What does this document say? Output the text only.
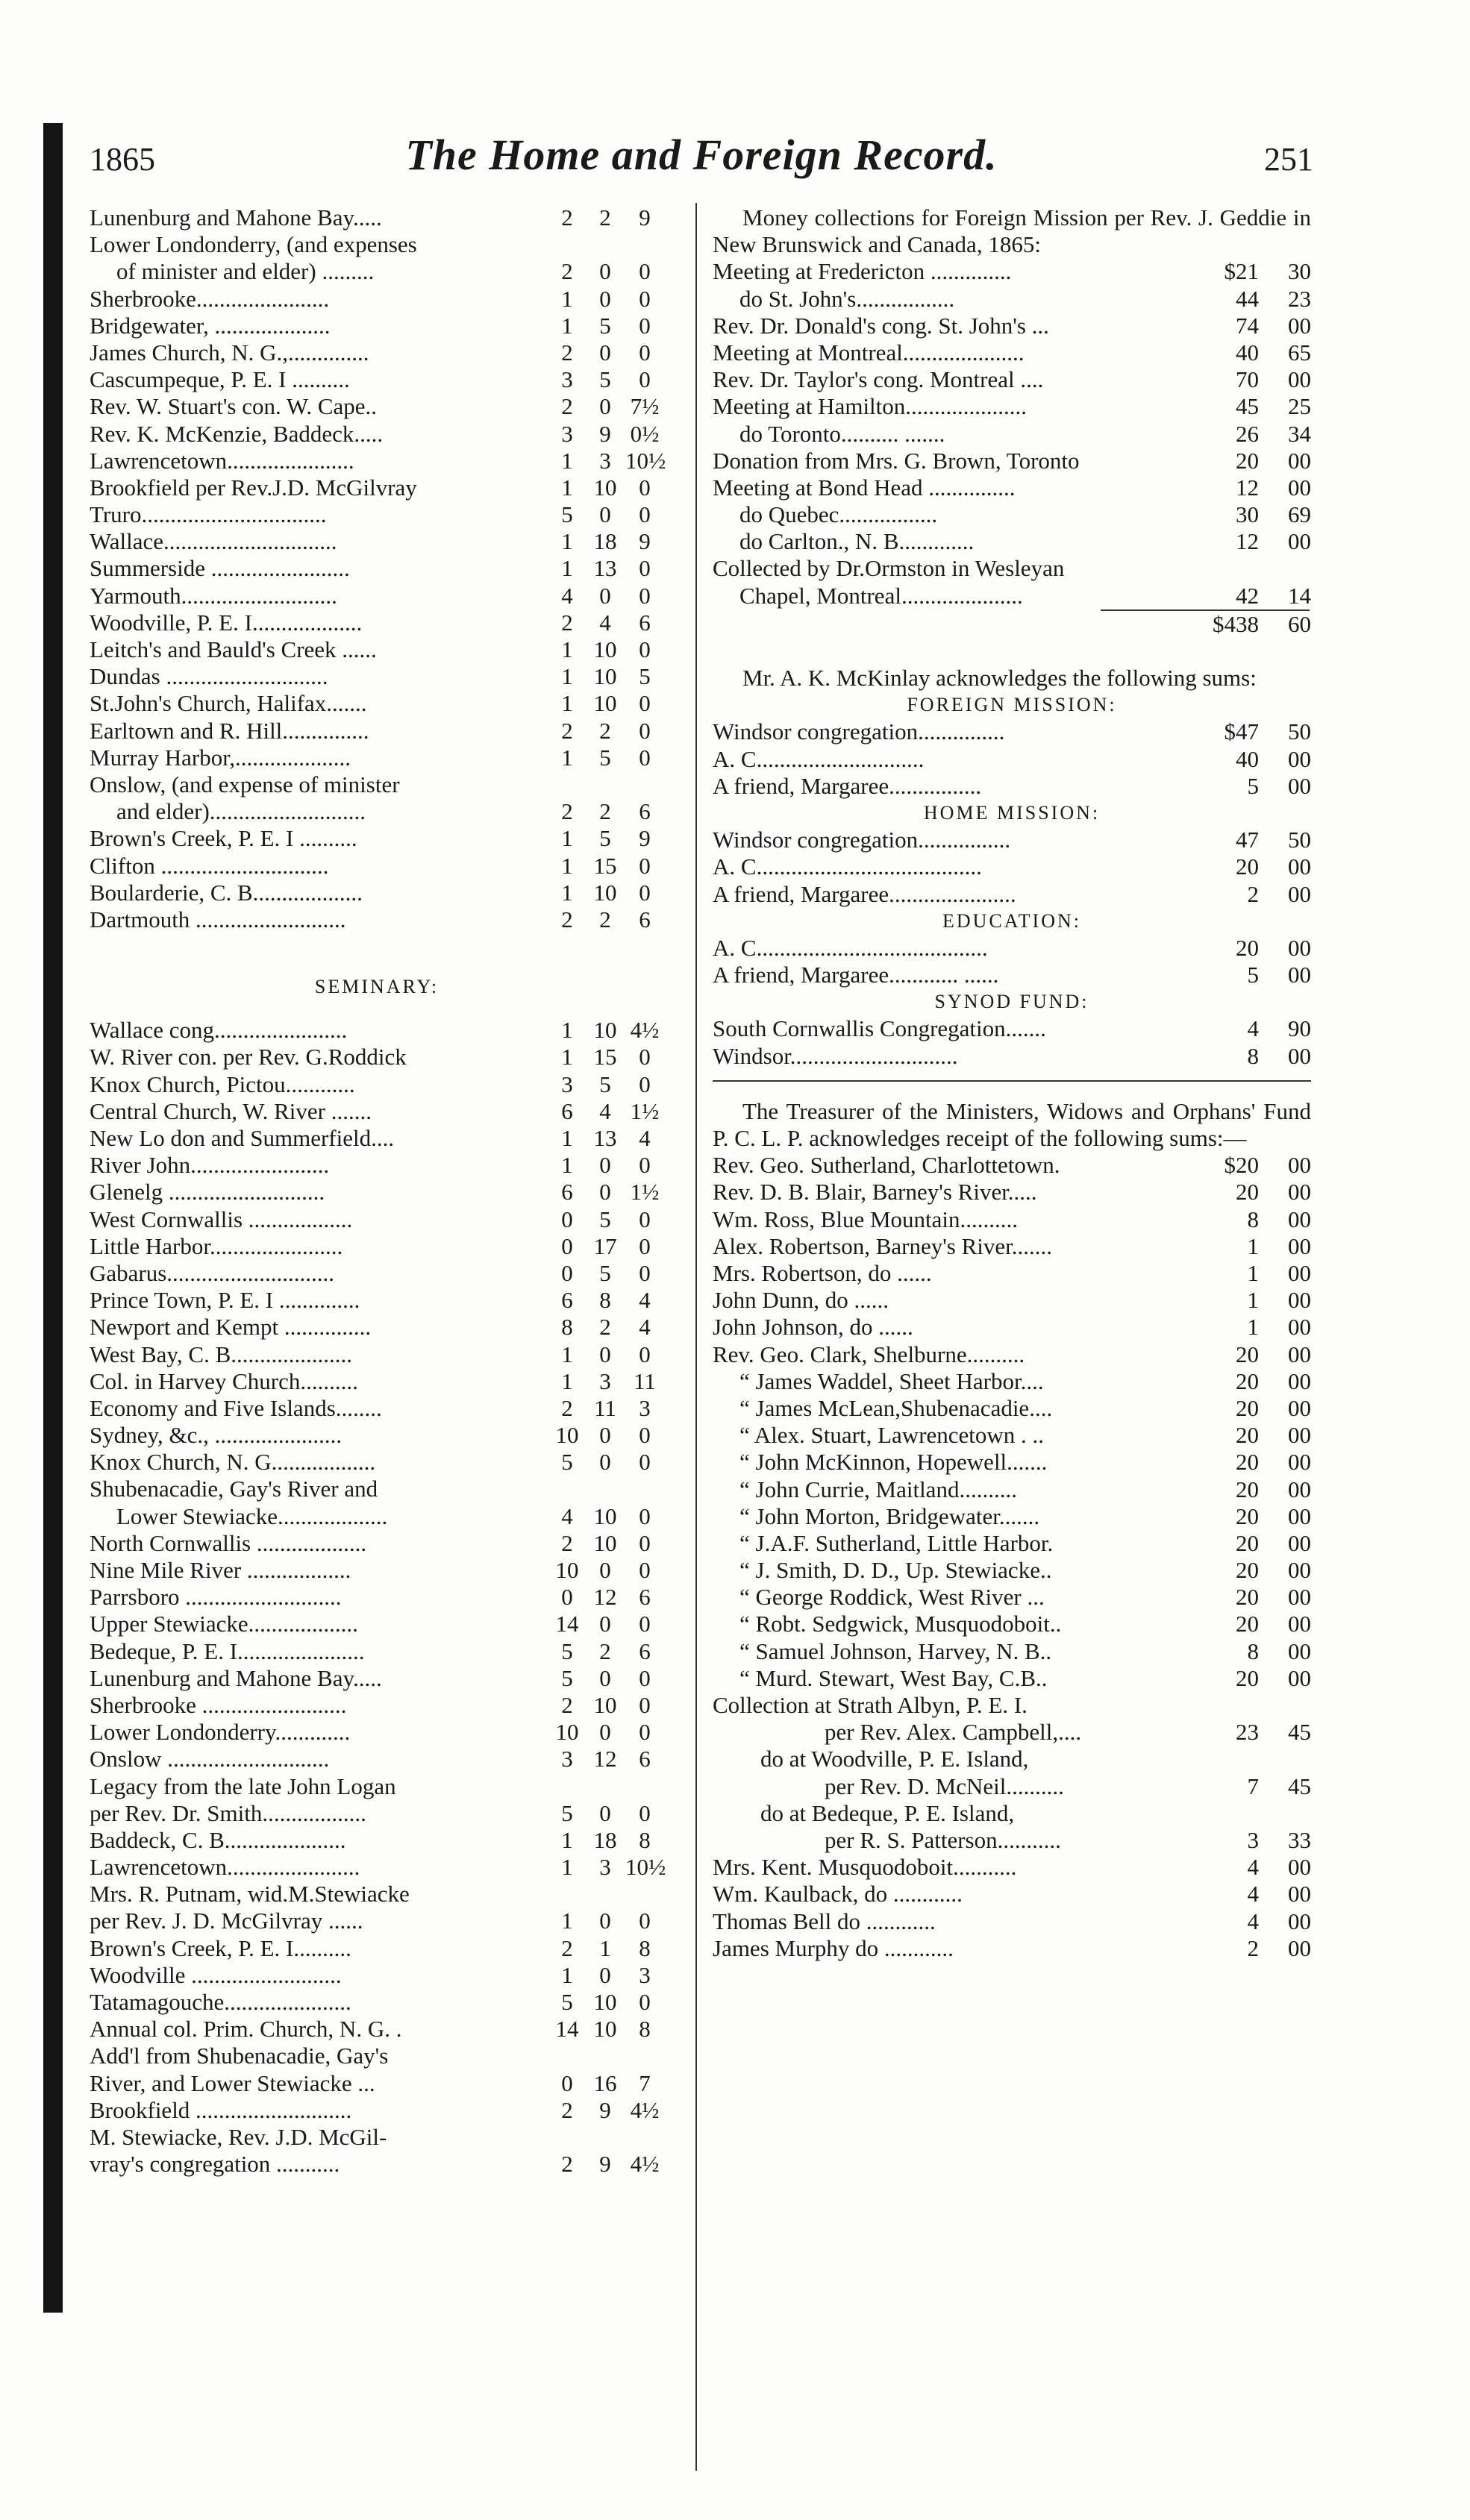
1865	The Home and Foreign Record.	251
Lunenburg and Mahone Bay.....	2	2	9
Lower Londonderry, (and expenses
of minister and elder) .........	2	0	0
Sherbrooke.......................	1	0	0
Bridgewater, ....................	1	5	0
James Church, N. G.,..............	2	0	0
Cascumpeque, P. E. I ..........	3	5	0
Rev. W. Stuart's con. W. Cape..	2	0 7½
Rev. K. McKenzie, Baddeck.....	3	9 0½
Lawrencetown......................	1	3 10½
Brookfield per Rev.J.D. McGilvray	1 10 0
Truro................................	5	0	0
Wallace..............................	1 18 9
Summerside ........................	1 13 0
Yarmouth...........................	4	0	0
Woodville, P. E. I...................	2	4	6
Leitch's and Bauld's Creek ......	1 10 0
Dundas ............................	1 10 5
St.John's Church, Halifax.......	1 10 0
Earltown and R. Hill...............	2	2	0
Murray Harbor,....................	1	5	0
Onslow, (and expense of minister
and elder)...........................	2	2	6
Brown's Creek, P. E. I ..........	1	5	9
Clifton .............................	1 15 0
Boularderie, C. B...................	1 10 0
Dartmouth ..........................	2	2	6
SEMINARY:
Wallace cong.......................	1 10 4½
W. River con. per Rev. G.Roddick	1 15 0
Knox Church, Pictou............	3	5	0
Central Church, W. River .......	6	4 1½
New Lo don and Summerfield....	1 13 4
River John........................	1	0	0
Glenelg ...........................	6	0 1½
West Cornwallis ..................	0	5	0
Little Harbor.......................	0 17 0
Gabarus.............................	0	5	0
Prince Town, P. E. I ..............	6	8	4
Newport and Kempt ...............	8	2	4
West Bay, C. B.....................	1	0	0
Col. in Harvey Church..........	1	3 11
Economy and Five Islands........	2 11 3
Sydney, &c., ......................	10 0	0
Knox Church, N. G..................	5	0	0
Shubenacadie, Gay's River and
Lower Stewiacke...................	4 10 0
North Cornwallis ...................	2 10 0
Nine Mile River ..................	10 0	0
Parrsboro ...........................	0 12 6
Upper Stewiacke...................	14 0	0
Bedeque, P. E. I......................	5	2	6
Lunenburg and Mahone Bay.....	5	0	0
Sherbrooke .........................	2 10 0
Lower Londonderry.............	10 0	0
Onslow ............................	3 12 6
Legacy from the late John Logan
per Rev. Dr. Smith..................	5	0	0
Baddeck, C. B.....................	1 18 8
Lawrencetown.......................	1	3 10½
Mrs. R. Putnam, wid.M.Stewiacke
per Rev. J. D. McGilvray ......	1	0	0
Brown's Creek, P. E. I..........	2	1	8
Woodville ..........................	1	0	3
Tatamagouche......................	5 10 0
Annual col. Prim. Church, N. G. .	14 10 8
Add'l from Shubenacadie, Gay's
River, and Lower Stewiacke ...	0 16 7
Brookfield ...........................	2	9 4½
M. Stewiacke, Rev. J.D. McGil-
vray's congregation ...........	2	9 4½
Money collections for Foreign Mission per Rev. J. Geddie in New Brunswick and Canada, 1865:
Meeting at Fredericton ..............	$21	30
do St. John's.................	44	23
Rev. Dr. Donald's cong. St. John's ...	74	00
Meeting at Montreal.....................	40	65
Rev. Dr. Taylor's cong. Montreal ....	70	00
Meeting at Hamilton.....................	45	25
do Toronto.......... .......	26	34
Donation from Mrs. G. Brown, Toronto	20	00
Meeting at Bond Head ...............	12	00
do Quebec.................	30	69
do Carlton., N. B.............	12	00
Collected by Dr.Ormston in Wesleyan
Chapel, Montreal.....................	42	14
$438	60
Mr. A. K. McKinlay acknowledges the following sums:
FOREIGN MISSION:
Windsor congregation...............	$47	50
A. C.............................	40	00
A friend, Margaree................	5	00
HOME MISSION:
Windsor congregation................	47	50
A. C.......................................	20	00
A friend, Margaree......................	2	00
EDUCATION:
A. C........................................	20	00
A friend, Margaree............ ......	5	00
SYNOD FUND:
South Cornwallis Congregation.......	4	90
Windsor.............................	8	00
The Treasurer of the Ministers, Widows and Orphans' Fund P. C. L. P. acknowledges receipt of the following sums:—
Rev. Geo. Sutherland, Charlottetown.	$20	00
Rev. D. B. Blair, Barney's River.....	20	00
Wm. Ross, Blue Mountain..........	8	00
Alex. Robertson, Barney's River.......	1	00
Mrs. Robertson, do ......	1	00
John Dunn, do ......	1	00
John Johnson, do ......	1	00
Rev. Geo. Clark, Shelburne..........	20	00
“ James Waddel, Sheet Harbor....	20	00
“ James McLean,Shubenacadie....	20	00
“ Alex. Stuart, Lawrencetown . ..	20	00
“ John McKinnon, Hopewell.......	20	00
“ John Currie, Maitland..........	20	00
“ John Morton, Bridgewater.......	20	00
“ J.A.F. Sutherland, Little Harbor.	20	00
“ J. Smith, D. D., Up. Stewiacke..	20	00
“ George Roddick, West River ...	20	00
“ Robt. Sedgwick, Musquodoboit..	20	00
“ Samuel Johnson, Harvey, N. B..	8	00
“ Murd. Stewart, West Bay, C.B..	20	00
Collection at Strath Albyn, P. E. I.
per Rev. Alex. Campbell,....	23	45
do at Woodville, P. E. Island,
per Rev. D. McNeil..........	7	45
do at Bedeque, P. E. Island,
per R. S. Patterson...........	3	33
Mrs. Kent. Musquodoboit...........	4	00
Wm. Kaulback, do ............	4	00
Thomas Bell do ............	4	00
James Murphy do ............	2	00
